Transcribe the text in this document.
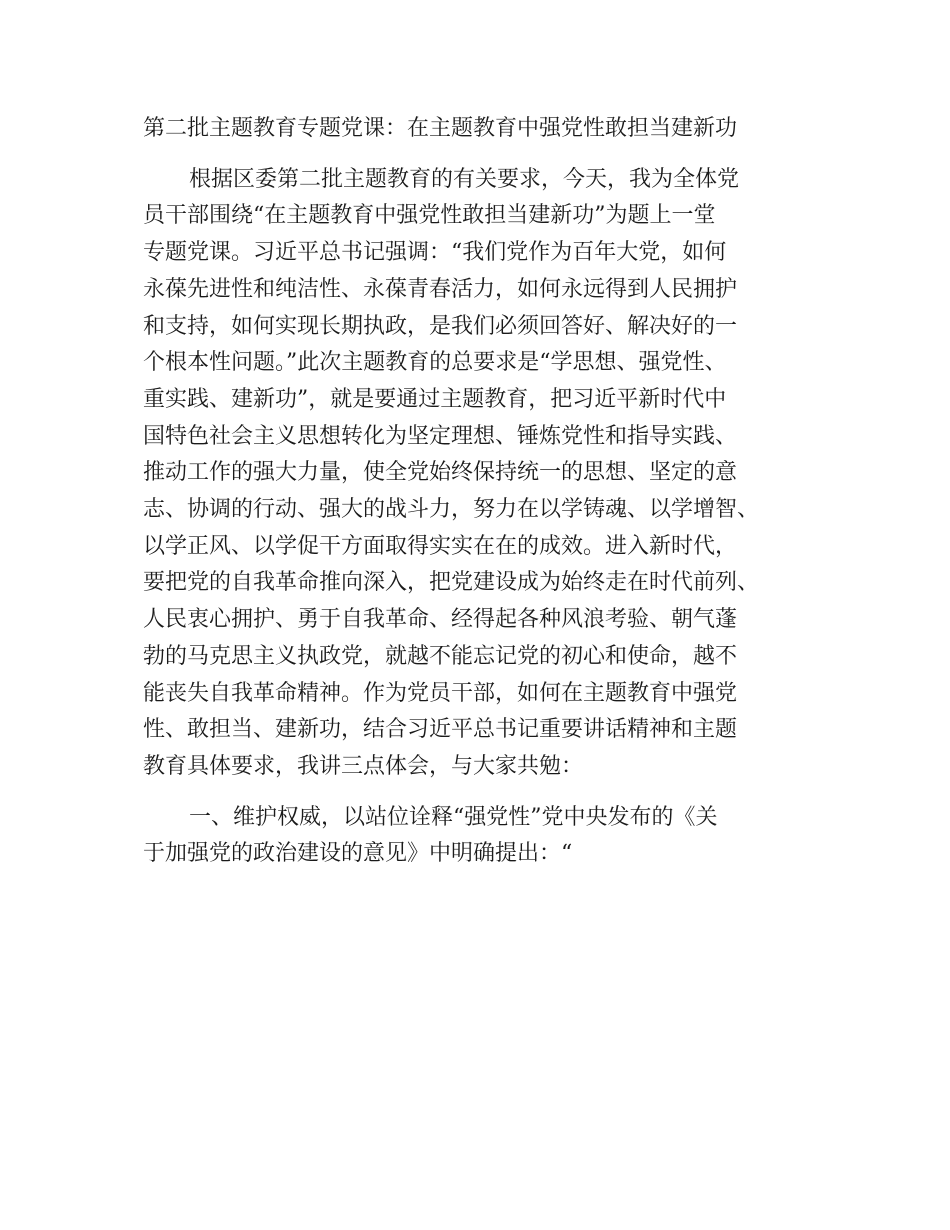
第二批主题教育专题党课：在主题教育中强党性敢担当建新功
根据区委第二批主题教育的有关要求，今天，我为全体党
员干部围绕“在主题教育中强党性敢担当建新功”为题上一堂
专题党课。习近平总书记强调：“我们党作为百年大党，如何
永葆先进性和纯洁性、永葆青春活力，如何永远得到人民拥护
和支持，如何实现长期执政，是我们必须回答好、解决好的一
个根本性问题。”此次主题教育的总要求是“学思想、强党性、
重实践、建新功”，就是要通过主题教育，把习近平新时代中
国特色社会主义思想转化为坚定理想、锤炼党性和指导实践、
推动工作的强大力量，使全党始终保持统一的思想、坚定的意
志、协调的行动、强大的战斗力，努力在以学铸魂、以学增智、
以学正风、以学促干方面取得实实在在的成效。进入新时代，
要把党的自我革命推向深入，把党建设成为始终走在时代前列、
人民衷心拥护、勇于自我革命、经得起各种风浪考验、朝气蓬
勃的马克思主义执政党，就越不能忘记党的初心和使命，越不
能丧失自我革命精神。作为党员干部，如何在主题教育中强党
性、敢担当、建新功，结合习近平总书记重要讲话精神和主题
教育具体要求，我讲三点体会，与大家共勉：
一、维护权威，以站位诠释“强党性”党中央发布的《关
于加强党的政治建设的意见》中明确提出：“
